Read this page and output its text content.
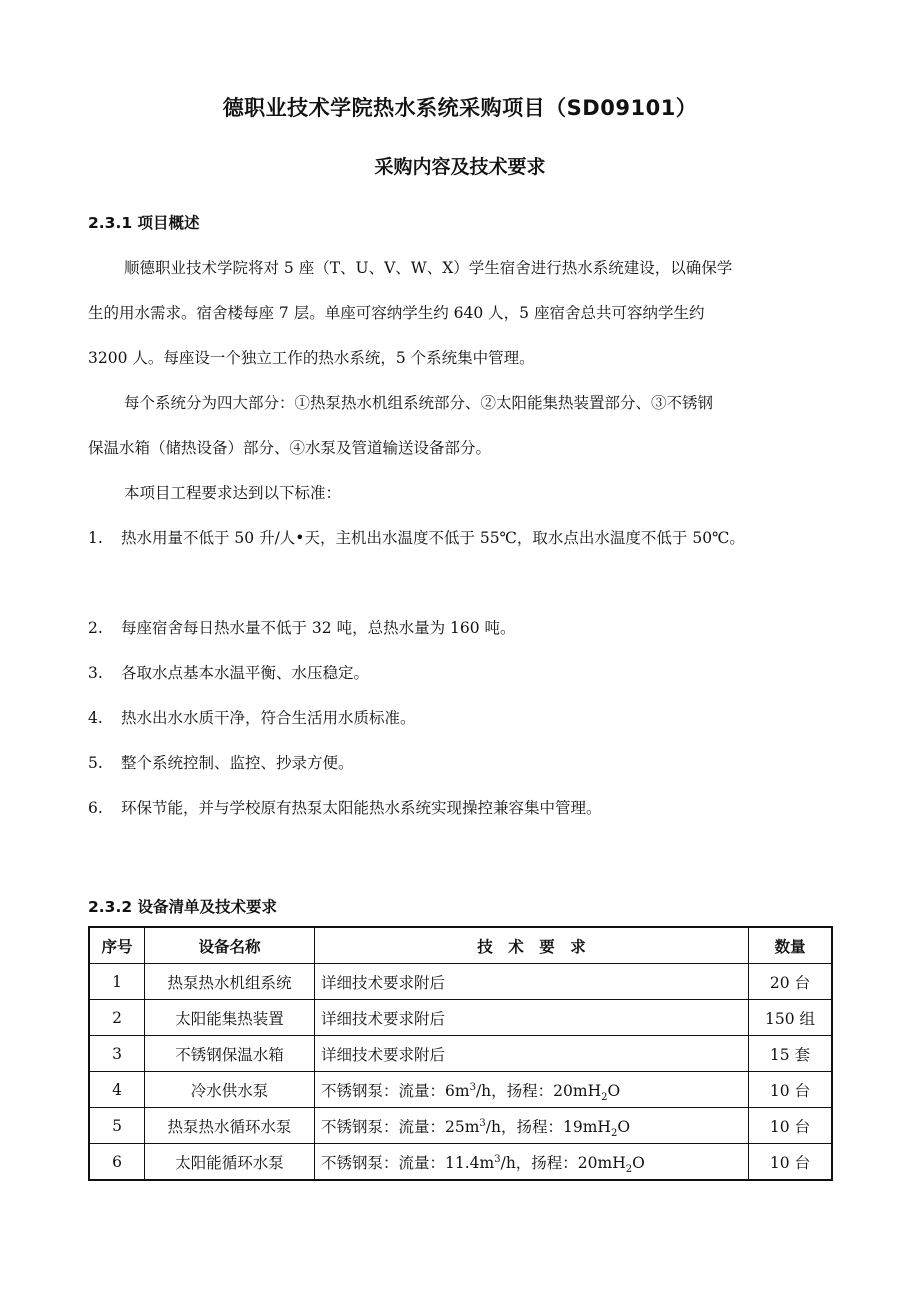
德职业技术学院热水系统采购项目（SD09101）
采购内容及技术要求
2.3.1 项目概述
顺德职业技术学院将对 5 座（T、U、V、W、X）学生宿舍进行热水系统建设，以确保学
生的用水需求。宿舍楼每座 7 层。单座可容纳学生约 640 人，5 座宿舍总共可容纳学生约
3200 人。每座设一个独立工作的热水系统，5 个系统集中管理。
每个系统分为四大部分：①热泵热水机组系统部分、②太阳能集热装置部分、③不锈钢
保温水箱（储热设备）部分、④水泵及管道输送设备部分。
本项目工程要求达到以下标准：
1. 热水用量不低于 50 升/人•天，主机出水温度不低于 55℃，取水点出水温度不低于 50℃。
2. 每座宿舍每日热水量不低于 32 吨，总热水量为 160 吨。
3. 各取水点基本水温平衡、水压稳定。
4. 热水出水水质干净，符合生活用水质标准。
5. 整个系统控制、监控、抄录方便。
6. 环保节能，并与学校原有热泵太阳能热水系统实现操控兼容集中管理。
2.3.2 设备清单及技术要求
序号	设备名称	技　术　要　求	数量
1	热泵热水机组系统	详细技术要求附后	20 台
2	太阳能集热装置	详细技术要求附后	150 组
3	不锈钢保温水箱	详细技术要求附后	15 套
4	冷水供水泵	不锈钢泵：流量：$6m^3/h$，扬程：$20mH_2O$	10 台
5	热泵热水循环水泵	不锈钢泵：流量：$25m^3/h$，扬程：$19mH_2O$	10 台
6	太阳能循环水泵	不锈钢泵：流量：$11.4m^3/h$，扬程：$20mH_2O$	10 台
